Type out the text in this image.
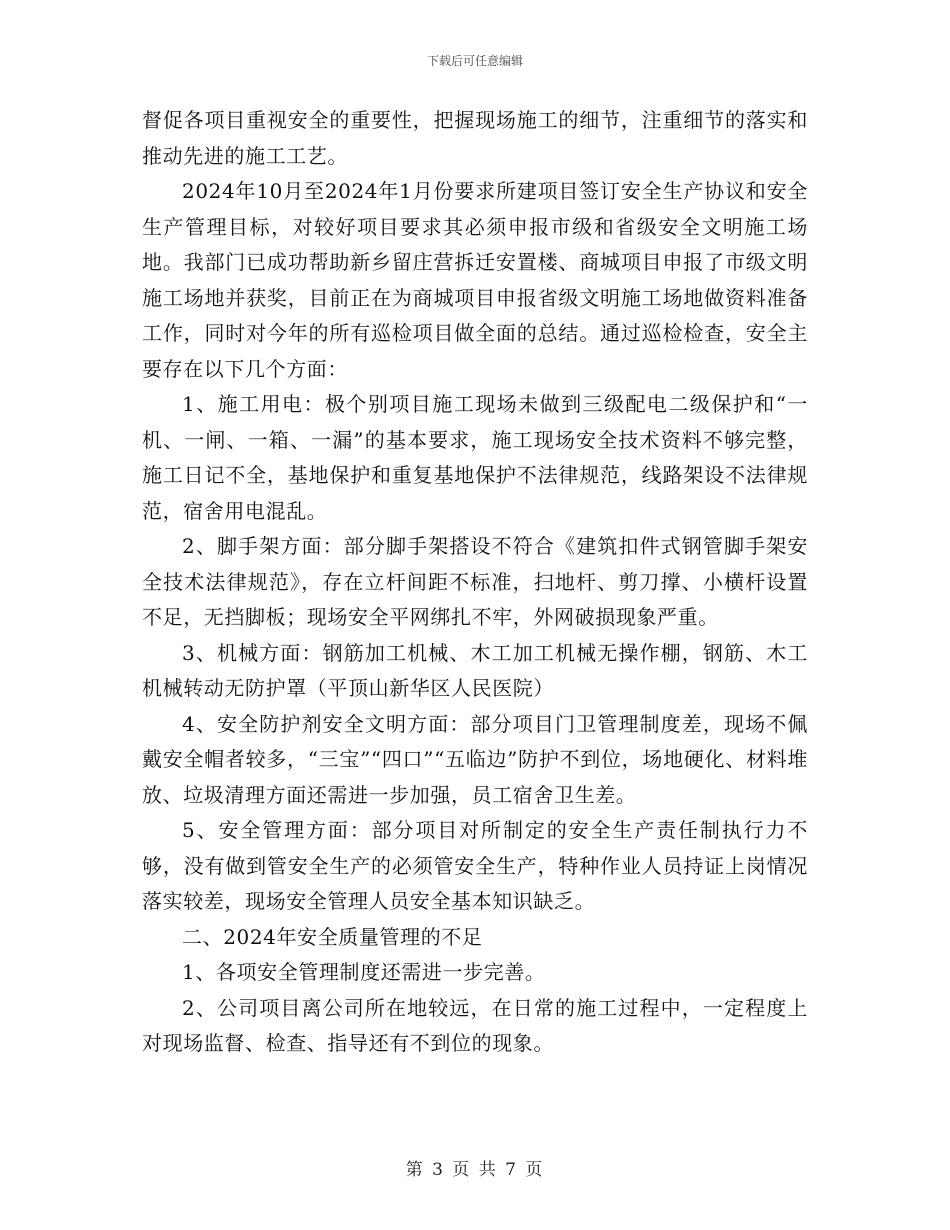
下载后可任意编辑

督促各项目重视安全的重要性，把握现场施工的细节，注重细节的落实和推动先进的施工工艺。

2024年10月至2024年1月份要求所建项目签订安全生产协议和安全生产管理目标，对较好项目要求其必须申报市级和省级安全文明施工场地。我部门已成功帮助新乡留庄营拆迁安置楼、商城项目申报了市级文明施工场地并获奖，目前正在为商城项目申报省级文明施工场地做资料准备工作，同时对今年的所有巡检项目做全面的总结。通过巡检检查，安全主要存在以下几个方面：

1、施工用电：极个别项目施工现场未做到三级配电二级保护和“一机、一闸、一箱、一漏”的基本要求，施工现场安全技术资料不够完整，施工日记不全，基地保护和重复基地保护不法律规范，线路架设不法律规范，宿舍用电混乱。

2、脚手架方面：部分脚手架搭设不符合《建筑扣件式钢管脚手架安全技术法律规范》，存在立杆间距不标准，扫地杆、剪刀撑、小横杆设置不足，无挡脚板；现场安全平网绑扎不牢，外网破损现象严重。

3、机械方面：钢筋加工机械、木工加工机械无操作棚，钢筋、木工机械转动无防护罩（平顶山新华区人民医院）

4、安全防护剂安全文明方面：部分项目门卫管理制度差，现场不佩戴安全帽者较多，“三宝”“四口”“五临边”防护不到位，场地硬化、材料堆放、垃圾清理方面还需进一步加强，员工宿舍卫生差。

5、安全管理方面：部分项目对所制定的安全生产责任制执行力不够，没有做到管安全生产的必须管安全生产，特种作业人员持证上岗情况落实较差，现场安全管理人员安全基本知识缺乏。

二、2024年安全质量管理的不足

1、各项安全管理制度还需进一步完善。

2、公司项目离公司所在地较远，在日常的施工过程中，一定程度上对现场监督、检查、指导还有不到位的现象。

第 3 页 共 7 页
